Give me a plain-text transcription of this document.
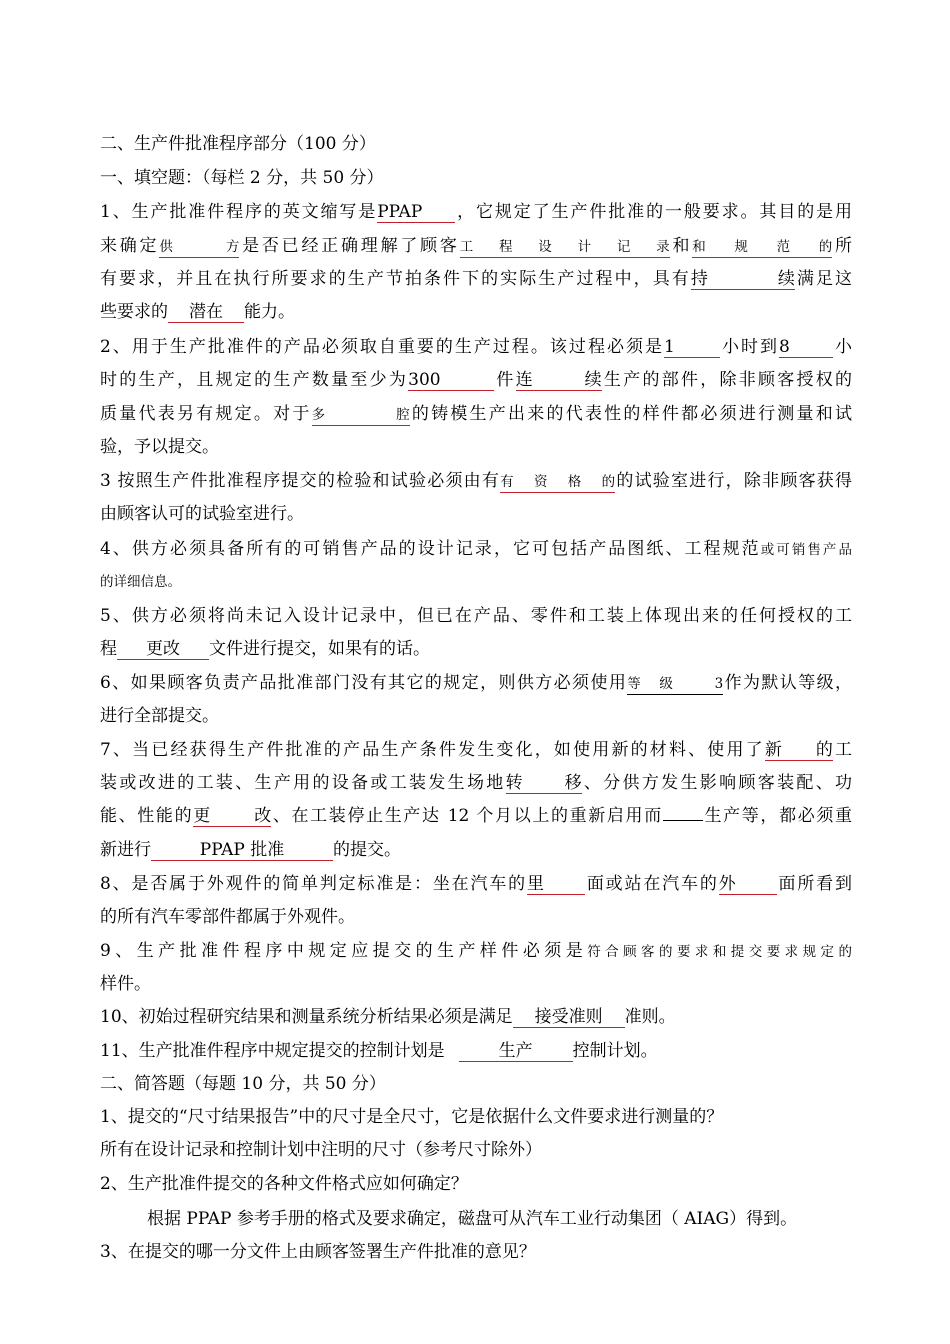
二、生产件批准程序部分（100 分）
一、填空题：（每栏 2 分，共 50 分）
1、生产批准件程序的英文缩写是PPAP ，它规定了生产件批准的一般要求。其目的是用
来确定供方是否已经正确理解了顾客工程设计记录和和规范的所
有要求，并且在执行所要求的生产节拍条件下的实际生产过程中，具有持续满足这
些要求的 潜在 能力。
2、用于生产批准件的产品必须取自重要的生产过程。该过程必须是1	小时到8	小
时的生产，且规定的生产数量至少为300	件连续生产的部件，除非顾客授权的
质量代表另有规定。对于多腔的铸模生产出来的代表性的样件都必须进行测量和试
验，予以提交。
3 按照生产件批准程序提交的检验和试验必须由有有资格的的试验室进行，除非顾客获得
由顾客认可的试验室进行。
4、供方必须具备所有的可销售产品的设计记录，它可包括产品图纸、工程规范或可销售产品
的详细信息。
5、供方必须将尚未记入设计记录中，但已在产品、零件和工装上体现出来的任何授权的工
程 更改 文件进行提交，如果有的话。
6、如果顾客负责产品批准部门没有其它的规定，则供方必须使用等级 3作为默认等级，
进行全部提交。
7、当已经获得生产件批准的产品生产条件发生变化，如使用新的材料、使用了新的工
装或改进的工装、生产用的设备或工装发生场地转移、分供方发生影响顾客装配、功
能、性能的更改、在工装停止生产达 12 个月以上的重新启用而 生产等，都必须重
新进行	PPAP 批准	的提交。
8、是否属于外观件的简单判定标准是：坐在汽车的里 面或站在汽车的外 面所看到
的所有汽车零部件都属于外观件。
9、生产批准件程序中规定应提交的生产样件必须是符合顾客的要求和提交要求规定的
样件。
10、初始过程研究结果和测量系统分析结果必须是满足 接受准则 准则。
11、生产批准件程序中规定提交的控制计划是	生产 控制计划。
二、简答题（每题 10 分，共 50 分）
1、提交的“尺寸结果报告”中的尺寸是全尺寸，它是依据什么文件要求进行测量的？
所有在设计记录和控制计划中注明的尺寸（参考尺寸除外）
2、生产批准件提交的各种文件格式应如何确定？
根据 PPAP 参考手册的格式及要求确定，磁盘可从汽车工业行动集团（ AIAG）得到。
3、在提交的哪一分文件上由顾客签署生产件批准的意见？
